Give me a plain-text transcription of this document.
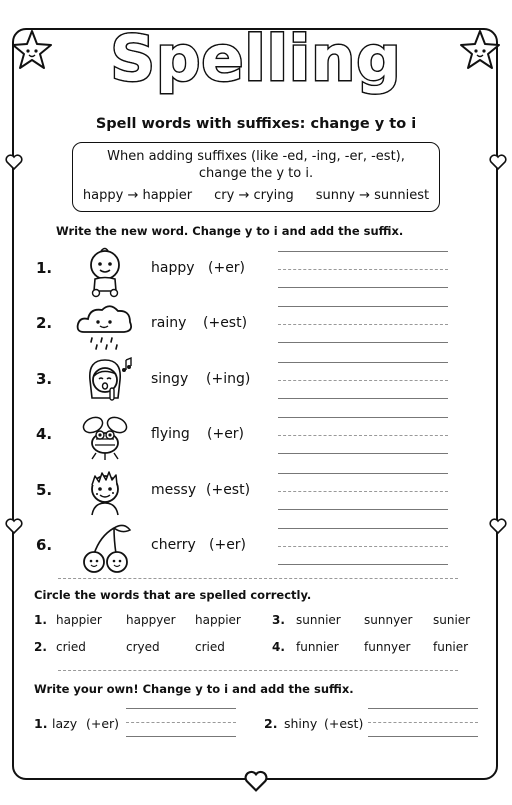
Spelling
Spell words with suffixes: change y to i
When adding suffixes (like -ed, -ing, -er, -est),
change the y to i.
happy → happier cry → crying sunny → sunniest
Write the new word. Change y to i and add the suffix.
1.	happy (+er)
2.	rainy (+est)
3.	singy (+ing)
4.	flying (+er)
5.	messy (+est)
6.	cherry (+er)
Circle the words that are spelled correctly.
1. happier happyer happier	3. sunnier sunnyer sunier
2. cried	cryed	cried	4. funnier funnyer funier
Write your own! Change y to i and add the suffix.
1. lazy (+er)	2. shiny (+est)
